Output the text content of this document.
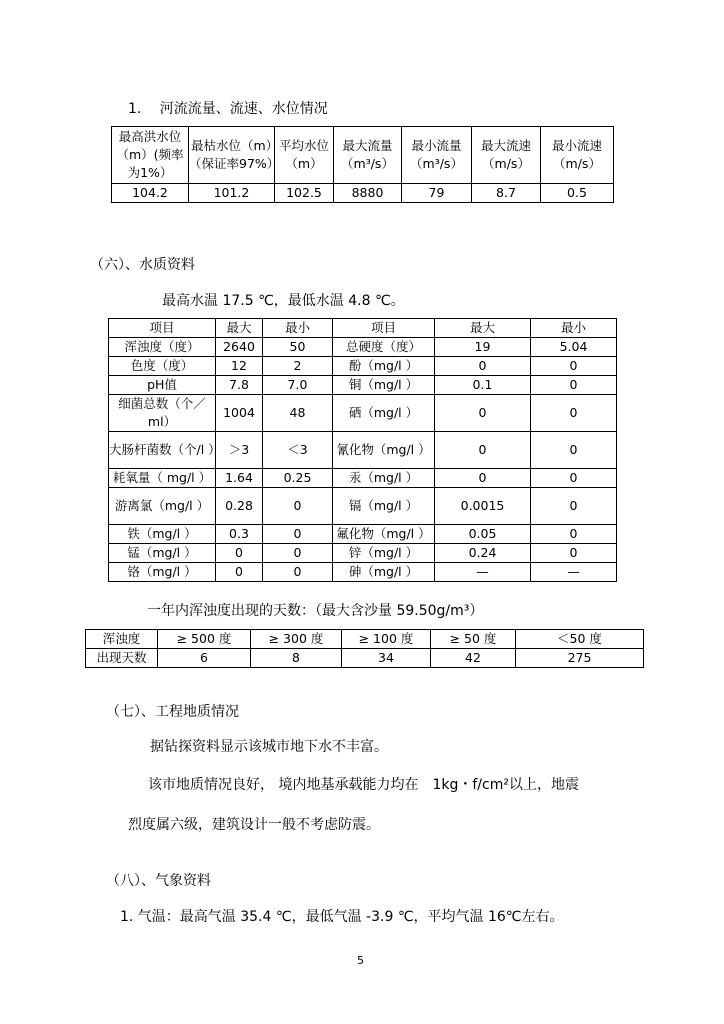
1.　 河流流量、流速、水位情况
最高洪水位（m）(频率为1%）	最枯水位（m）（保证率97%）	平均水位（m）	最大流量（m³/s）	最小流量（m³/s）	最大流速（m/s）	最小流速（m/s）
104.2	101.2	102.5	8880	79	8.7	0.5
（六）、水质资料
最高水温 17.5 ℃，最低水温 4.8 ℃。
项目	最大	最小	项目	最大	最小
浑浊度（度）	2640	50	总硬度（度）	19	5.04
色度（度）	12	2	酚（mg/l ）	0	0
pH值	7.8	7.0	铜（mg/l ）	0.1	0
细菌总数（个／ ml）	1004	48	硒（mg/l ）	0	0
大肠杆菌数（个/l ）	＞3	＜3	氰化物（mg/l ）	0	0
耗氧量（ mg/l ）	1.64	0.25	汞（mg/l ）	0	0
游离氯（mg/l ）	0.28	0	镉（mg/l ）	0.0015	0
铁（mg/l ）	0.3	0	氟化物（mg/l ）	0.05	0
锰（mg/l ）	0	0	锌（mg/l ）	0.24	0
铬（mg/l ）	0	0	砷（mg/l ）	—	—
一年内浑浊度出现的天数：（最大含沙量 59.50g/m³）
浑浊度	≥ 500 度	≥ 300 度	≥ 100 度	≥ 50 度	＜50 度
出现天数	6	8	34	42	275
（七）、工程地质情况
据钻探资料显示该城市地下水不丰富。
该市地质情况良好， 境内地基承载能力均在　1kg・f/cm²以上，地震
烈度属六级，建筑设计一般不考虑防震。
（八）、气象资料
1. 气温：最高气温 35.4 ℃，最低气温 -3.9 ℃，平均气温 16℃左右。
5
